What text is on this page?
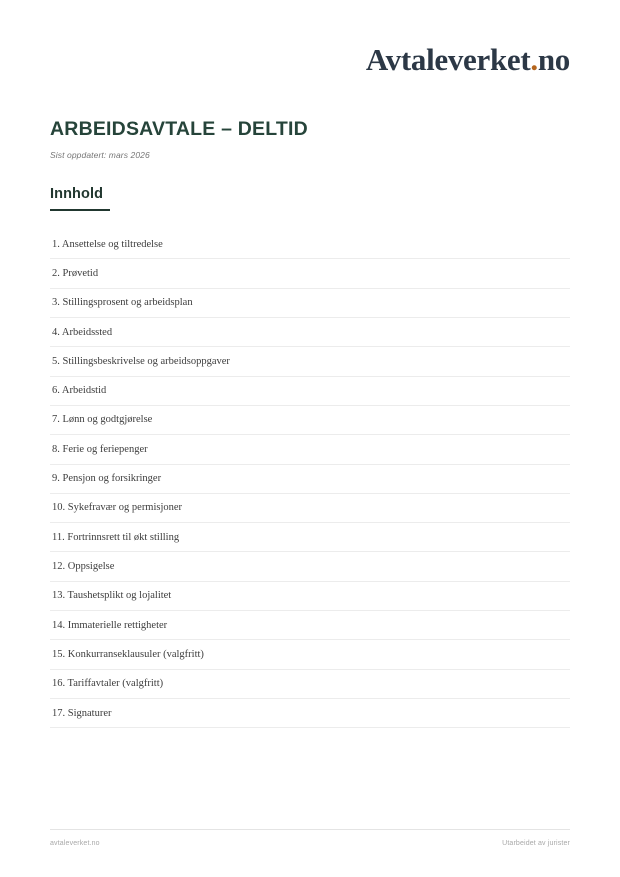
Avtaleverket.no
ARBEIDSAVTALE – DELTID
Sist oppdatert: mars 2026
Innhold
1. Ansettelse og tiltredelse
2. Prøvetid
3. Stillingsprosent og arbeidsplan
4. Arbeidssted
5. Stillingsbeskrivelse og arbeidsoppgaver
6. Arbeidstid
7. Lønn og godtgjørelse
8. Ferie og feriepenger
9. Pensjon og forsikringer
10. Sykefravær og permisjoner
11. Fortrinnsrett til økt stilling
12. Oppsigelse
13. Taushetsplikt og lojalitet
14. Immaterielle rettigheter
15. Konkurranseklausuler (valgfritt)
16. Tariffavtaler (valgfritt)
17. Signaturer
avtaleverket.no	Utarbeidet av jurister
